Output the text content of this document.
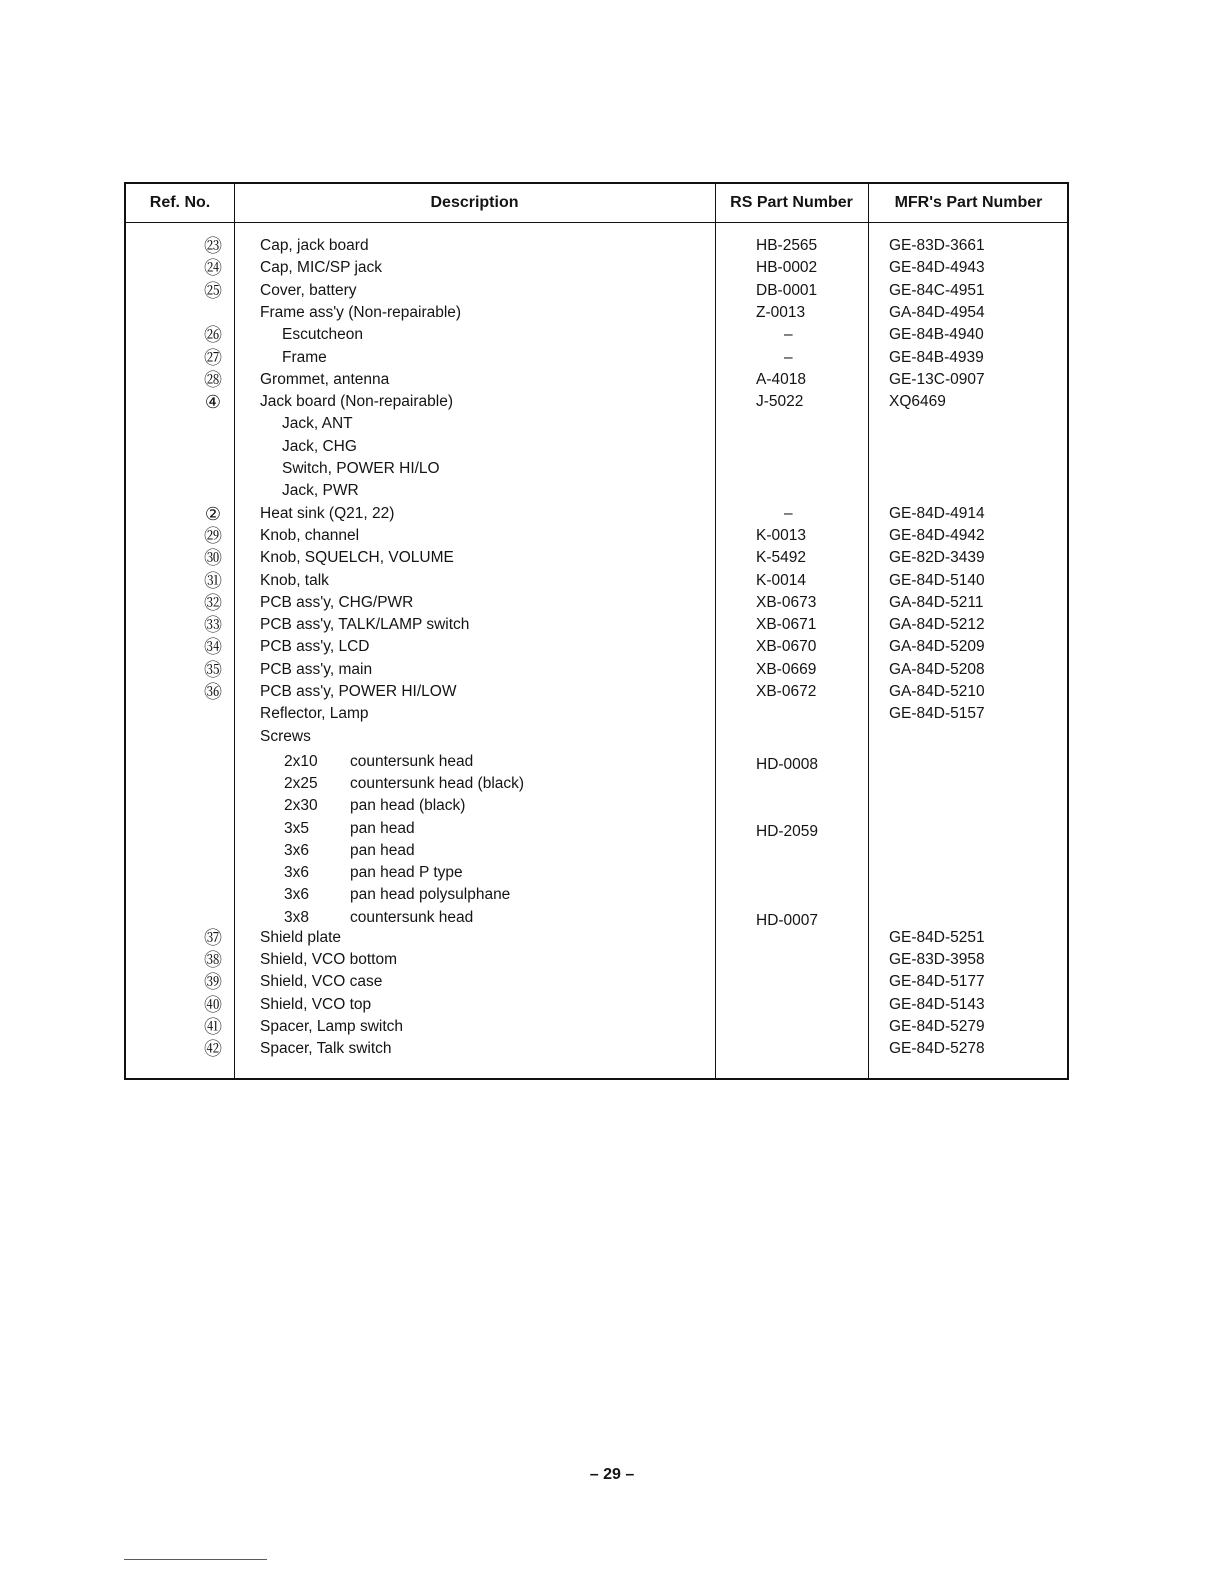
Ref. No.	Description	RS Part Number	MFR's Part Number
㉓ Cap, jack board	HB-2565	GE-83D-3661
㉔ Cap, MIC/SP jack	HB-0002	GE-84D-4943
㉕ Cover, battery	DB-0001	GE-84C-4951
Frame ass'y (Non-repairable)	Z-0013	GA-84D-4954
㉖	Escutcheon	–	GE-84B-4940
㉗	Frame	–	GE-84B-4939
㉘ Grommet, antenna	A-4018	GE-13C-0907
④	Jack board (Non-repairable)	J-5022	XQ6469
Jack, ANT
Jack, CHG
Switch, POWER HI/LO
Jack, PWR
②	Heat sink (Q21, 22)	–	GE-84D-4914
㉙ Knob, channel	K-0013	GE-84D-4942
㉚ Knob, SQUELCH, VOLUME	K-5492	GE-82D-3439
㉛ Knob, talk	K-0014	GE-84D-5140
㉜ PCB ass'y, CHG/PWR	XB-0673	GA-84D-5211
㉝ PCB ass'y, TALK/LAMP switch	XB-0671	GA-84D-5212
㉞ PCB ass'y, LCD	XB-0670	GA-84D-5209
㉟ PCB ass'y, main	XB-0669	GA-84D-5208
㊱ PCB ass'y, POWER HI/LOW	XB-0672	GA-84D-5210
Reflector, Lamp	GE-84D-5157
Screws
2x10 countersunk head	HD-0008
2x25 countersunk head (black)
2x30 pan head (black)
3x5	pan head	HD-2059
3x6	pan head
3x6	pan head P type
3x6	pan head polysulphane
3x8	countersunk head	HD-0007
㊲ Shield plate	GE-84D-5251
㊳ Shield, VCO bottom	GE-83D-3958
㊴ Shield, VCO case	GE-84D-5177
㊵ Shield, VCO top	GE-84D-5143
㊶ Spacer, Lamp switch	GE-84D-5279
㊷ Spacer, Talk switch	GE-84D-5278
– 29 –
